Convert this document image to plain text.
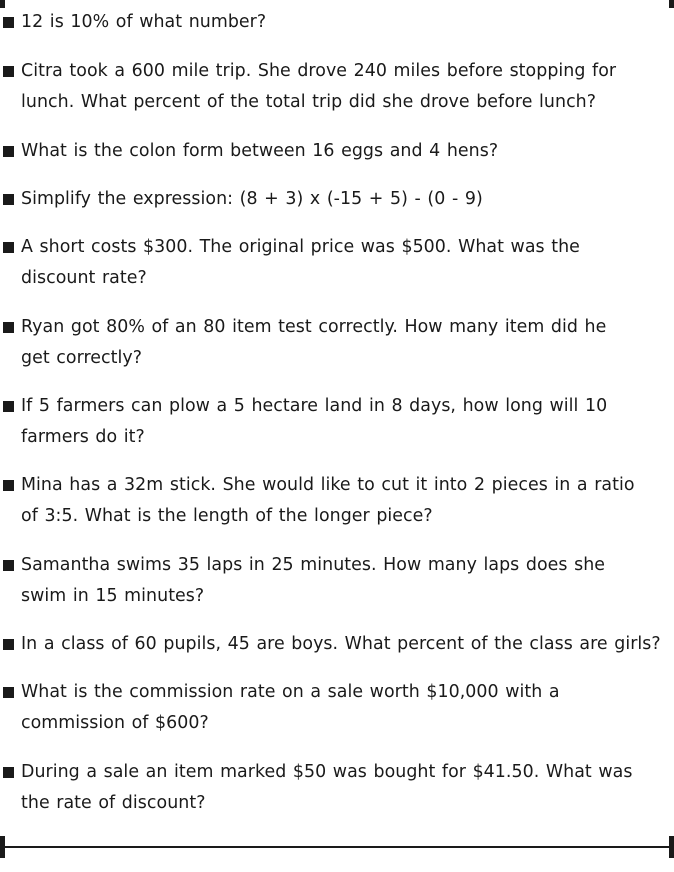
12 is 10% of what number?
Citra took a 600 mile trip. She drove 240 miles before stopping for lunch. What percent of the total trip did she drove before lunch?
What is the colon form between 16 eggs and 4 hens?
Simplify the expression: (8 + 3) x (-15 + 5) - (0 - 9)
A short costs $300. The original price was $500. What was the discount rate?
Ryan got 80% of an 80 item test correctly. How many item did he get correctly?
If 5 farmers can plow a 5 hectare land in 8 days, how long will 10 farmers do it?
Mina has a 32m stick. She would like to cut it into 2 pieces in a ratio of 3:5. What is the length of the longer piece?
Samantha swims 35 laps in 25 minutes. How many laps does she swim in 15 minutes?
In a class of 60 pupils, 45 are boys. What percent of the class are girls?
What is the commission rate on a sale worth $10,000 with a commission of $600?
During a sale an item marked $50 was bought for $41.50. What was the rate of discount?
